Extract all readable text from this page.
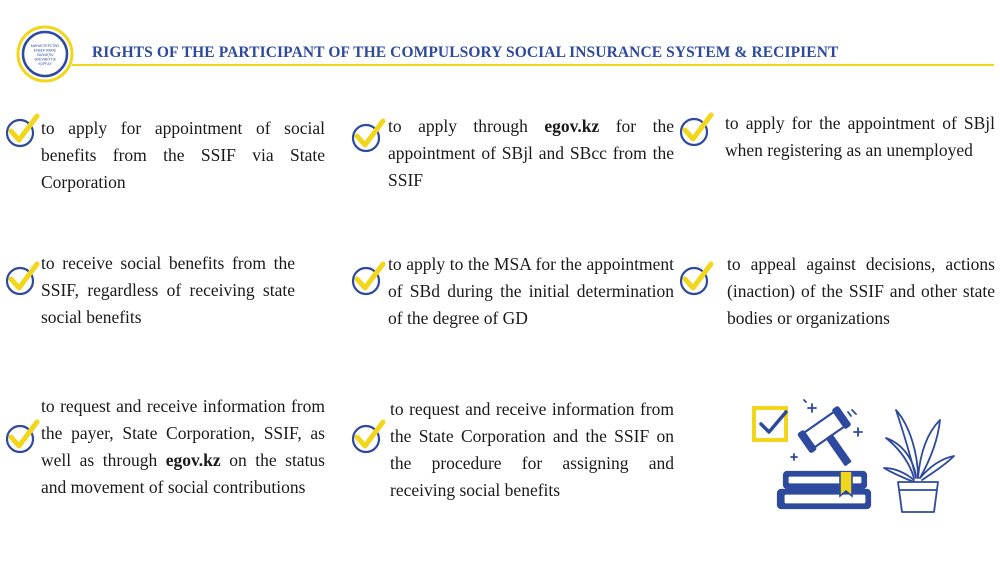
МИНИСТЕРСТВО
ЕҢБЕК ЖӘНЕ
ХАЛЫҚТЫ
ӘЛЕУМЕТТІК
ҚОРҒАУ
RIGHTS OF THE PARTICIPANT OF THE COMPULSORY SOCIAL INSURANCE SYSTEM & RECIPIENT
to apply for appointment of social benefits from the SSIF via State Corporation
to apply through egov.kz for the appointment of SBjl and SBcc from the SSIF
to apply for the appointment of SBjl when registering as an unemployed
to receive social benefits from the SSIF, regardless of receiving state social benefits
to apply to the MSA for the appointment of SBd during the initial determination of the degree of GD
to appeal against decisions, actions (inaction) of the SSIF and other state bodies or organizations
to request and receive information from the payer, State Corporation, SSIF, as well as through egov.kz on the status and movement of social contributions
to request and receive information from the State Corporation and the SSIF on the procedure for assigning and receiving social benefits
